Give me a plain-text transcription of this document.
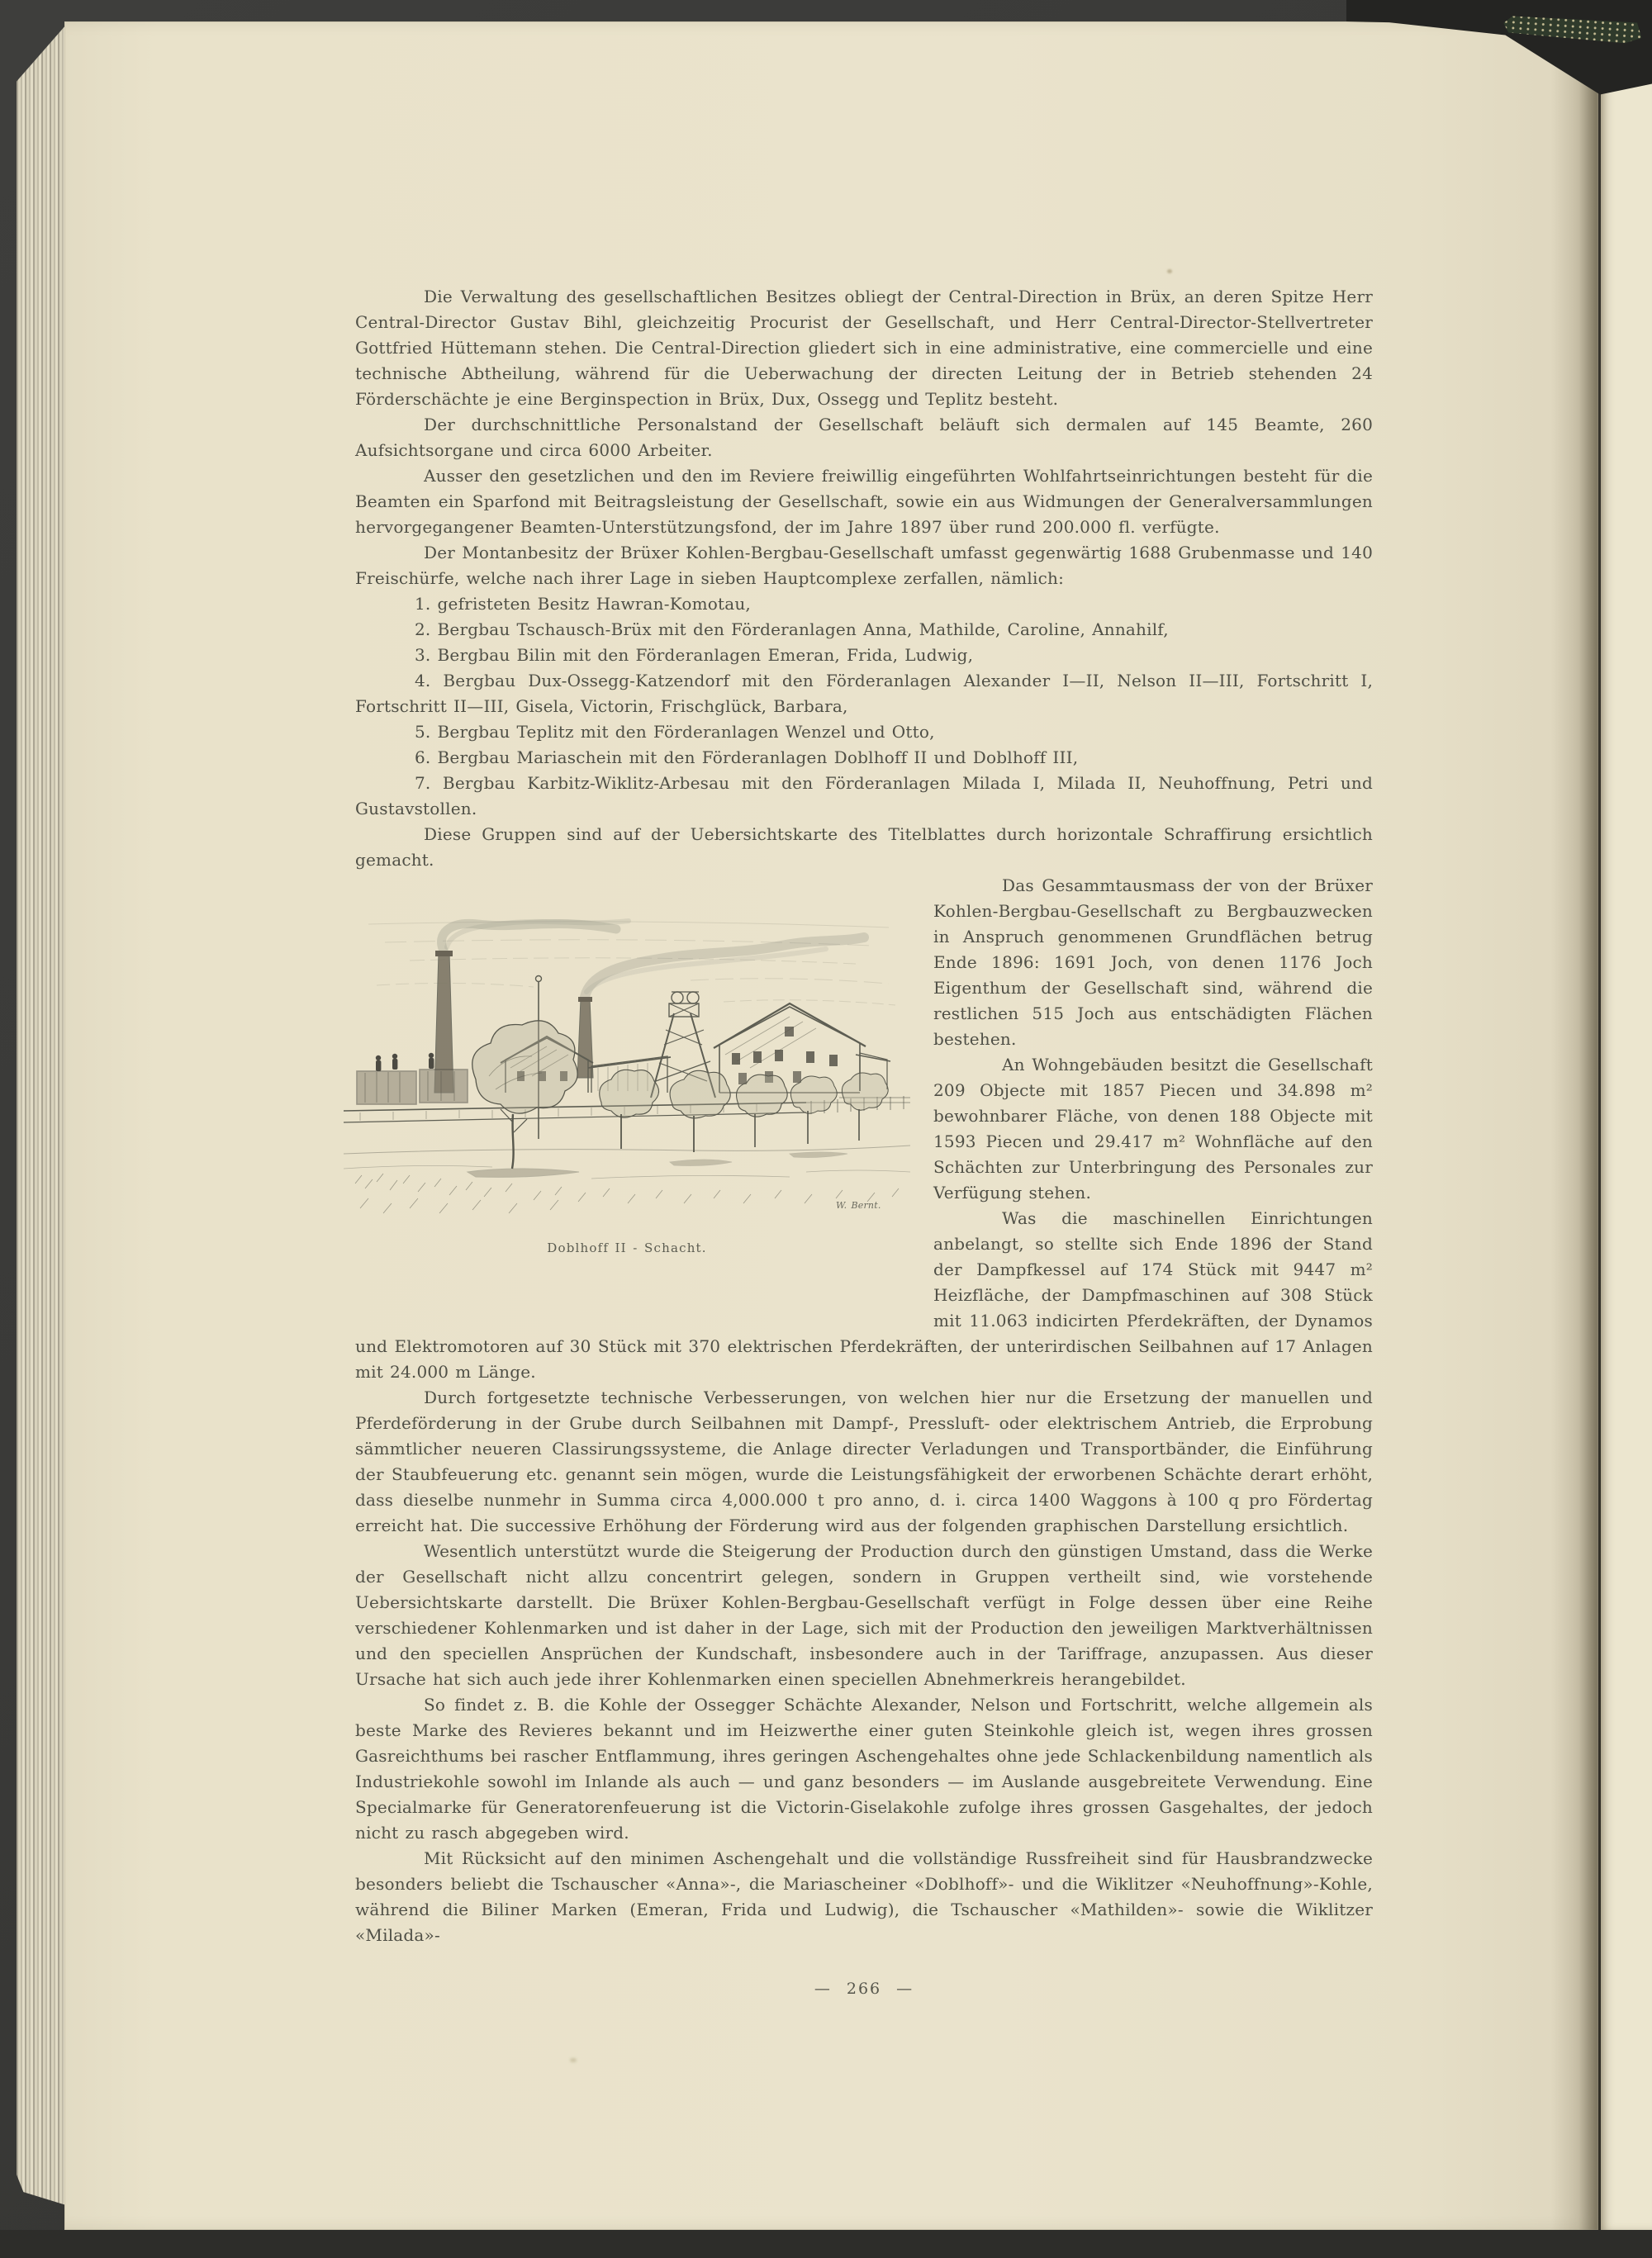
Die Verwaltung des gesellschaftlichen Besitzes obliegt der Central-Direction in Brüx, an deren Spitze Herr Central-Director Gustav Bihl, gleichzeitig Procurist der Gesellschaft, und Herr Central-Director-Stellvertreter Gottfried Hüttemann stehen. Die Central-Direction gliedert sich in eine administrative, eine commercielle und eine technische Abtheilung, während für die Ueberwachung der directen Leitung der in Betrieb stehenden 24 Förderschächte je eine Berginspection in Brüx, Dux, Ossegg und Teplitz besteht.

Der durchschnittliche Personalstand der Gesellschaft beläuft sich dermalen auf 145 Beamte, 260 Aufsichtsorgane und circa 6000 Arbeiter.

Ausser den gesetzlichen und den im Reviere freiwillig eingeführten Wohlfahrtseinrichtungen besteht für die Beamten ein Sparfond mit Beitragsleistung der Gesellschaft, sowie ein aus Widmungen der Generalversammlungen hervorgegangener Beamten-Unterstützungsfond, der im Jahre 1897 über rund 200.000 fl. verfügte.

Der Montanbesitz der Brüxer Kohlen-Bergbau-Gesellschaft umfasst gegenwärtig 1688 Grubenmasse und 140 Freischürfe, welche nach ihrer Lage in sieben Hauptcomplexe zerfallen, nämlich:

1. gefristeten Besitz Hawran-Komotau,

2. Bergbau Tschausch-Brüx mit den Förderanlagen Anna, Mathilde, Caroline, Annahilf,

3. Bergbau Bilin mit den Förderanlagen Emeran, Frida, Ludwig,

4. Bergbau Dux-Ossegg-Katzendorf mit den Förderanlagen Alexander I—II, Nelson II—III, Fortschritt I, Fortschritt II—III, Gisela, Victorin, Frischglück, Barbara,

5. Bergbau Teplitz mit den Förderanlagen Wenzel und Otto,

6. Bergbau Mariaschein mit den Förderanlagen Doblhoff II und Doblhoff III,

7. Bergbau Karbitz-Wiklitz-Arbesau mit den Förderanlagen Milada I, Milada II, Neuhoffnung, Petri und Gustavstollen.

Diese Gruppen sind auf der Uebersichtskarte des Titelblattes durch horizontale Schraffirung ersichtlich gemacht.

W. Bernt.
Doblhoff II - Schacht.

Das Gesammtausmass der von der Brüxer Kohlen-Bergbau-Gesellschaft zu Bergbauzwecken in Anspruch genommenen Grundflächen betrug Ende 1896: 1691 Joch, von denen 1176 Joch Eigenthum der Gesellschaft sind, während die restlichen 515 Joch aus entschädigten Flächen bestehen.

An Wohngebäuden besitzt die Gesellschaft 209 Objecte mit 1857 Piecen und 34.898 m² bewohnbarer Fläche, von denen 188 Objecte mit 1593 Piecen und 29.417 m² Wohnfläche auf den Schächten zur Unterbringung des Personales zur Verfügung stehen.

Was die maschinellen Einrichtungen anbelangt, so stellte sich Ende 1896 der Stand der Dampfkessel auf 174 Stück mit 9447 m² Heizfläche, der Dampfmaschinen auf 308 Stück mit 11.063 indicirten Pferdekräften, der Dynamos und Elektromotoren auf 30 Stück mit 370 elektrischen Pferdekräften, der unterirdischen Seilbahnen auf 17 Anlagen mit 24.000 m Länge.

Durch fortgesetzte technische Verbesserungen, von welchen hier nur die Ersetzung der manuellen und Pferdeförderung in der Grube durch Seilbahnen mit Dampf-, Pressluft- oder elektrischem Antrieb, die Erprobung sämmtlicher neueren Classirungssysteme, die Anlage directer Verladungen und Transportbänder, die Einführung der Staubfeuerung etc. genannt sein mögen, wurde die Leistungsfähigkeit der erworbenen Schächte derart erhöht, dass dieselbe nunmehr in Summa circa 4,000.000 t pro anno, d. i. circa 1400 Waggons à 100 q pro Fördertag erreicht hat. Die successive Erhöhung der Förderung wird aus der folgenden graphischen Darstellung ersichtlich.

Wesentlich unterstützt wurde die Steigerung der Production durch den günstigen Umstand, dass die Werke der Gesellschaft nicht allzu concentrirt gelegen, sondern in Gruppen vertheilt sind, wie vorstehende Uebersichtskarte darstellt. Die Brüxer Kohlen-Bergbau-Gesellschaft verfügt in Folge dessen über eine Reihe verschiedener Kohlenmarken und ist daher in der Lage, sich mit der Production den jeweiligen Marktverhältnissen und den speciellen Ansprüchen der Kundschaft, insbesondere auch in der Tariffrage, anzupassen. Aus dieser Ursache hat sich auch jede ihrer Kohlenmarken einen speciellen Abnehmerkreis herangebildet.

So findet z. B. die Kohle der Ossegger Schächte Alexander, Nelson und Fortschritt, welche allgemein als beste Marke des Revieres bekannt und im Heizwerthe einer guten Steinkohle gleich ist, wegen ihres grossen Gasreichthums bei rascher Entflammung, ihres geringen Aschengehaltes ohne jede Schlackenbildung namentlich als Industriekohle sowohl im Inlande als auch — und ganz besonders — im Auslande ausgebreitete Verwendung. Eine Specialmarke für Generatorenfeuerung ist die Victorin-Giselakohle zufolge ihres grossen Gasgehaltes, der jedoch nicht zu rasch abgegeben wird.

Mit Rücksicht auf den minimen Aschengehalt und die vollständige Russfreiheit sind für Hausbrandzwecke besonders beliebt die Tschauscher «Anna»-, die Mariascheiner «Doblhoff»- und die Wiklitzer «Neuhoffnung»-Kohle, während die Biliner Marken (Emeran, Frida und Ludwig), die Tschauscher «Mathilden»- sowie die Wiklitzer «Milada»-

— 266 —
